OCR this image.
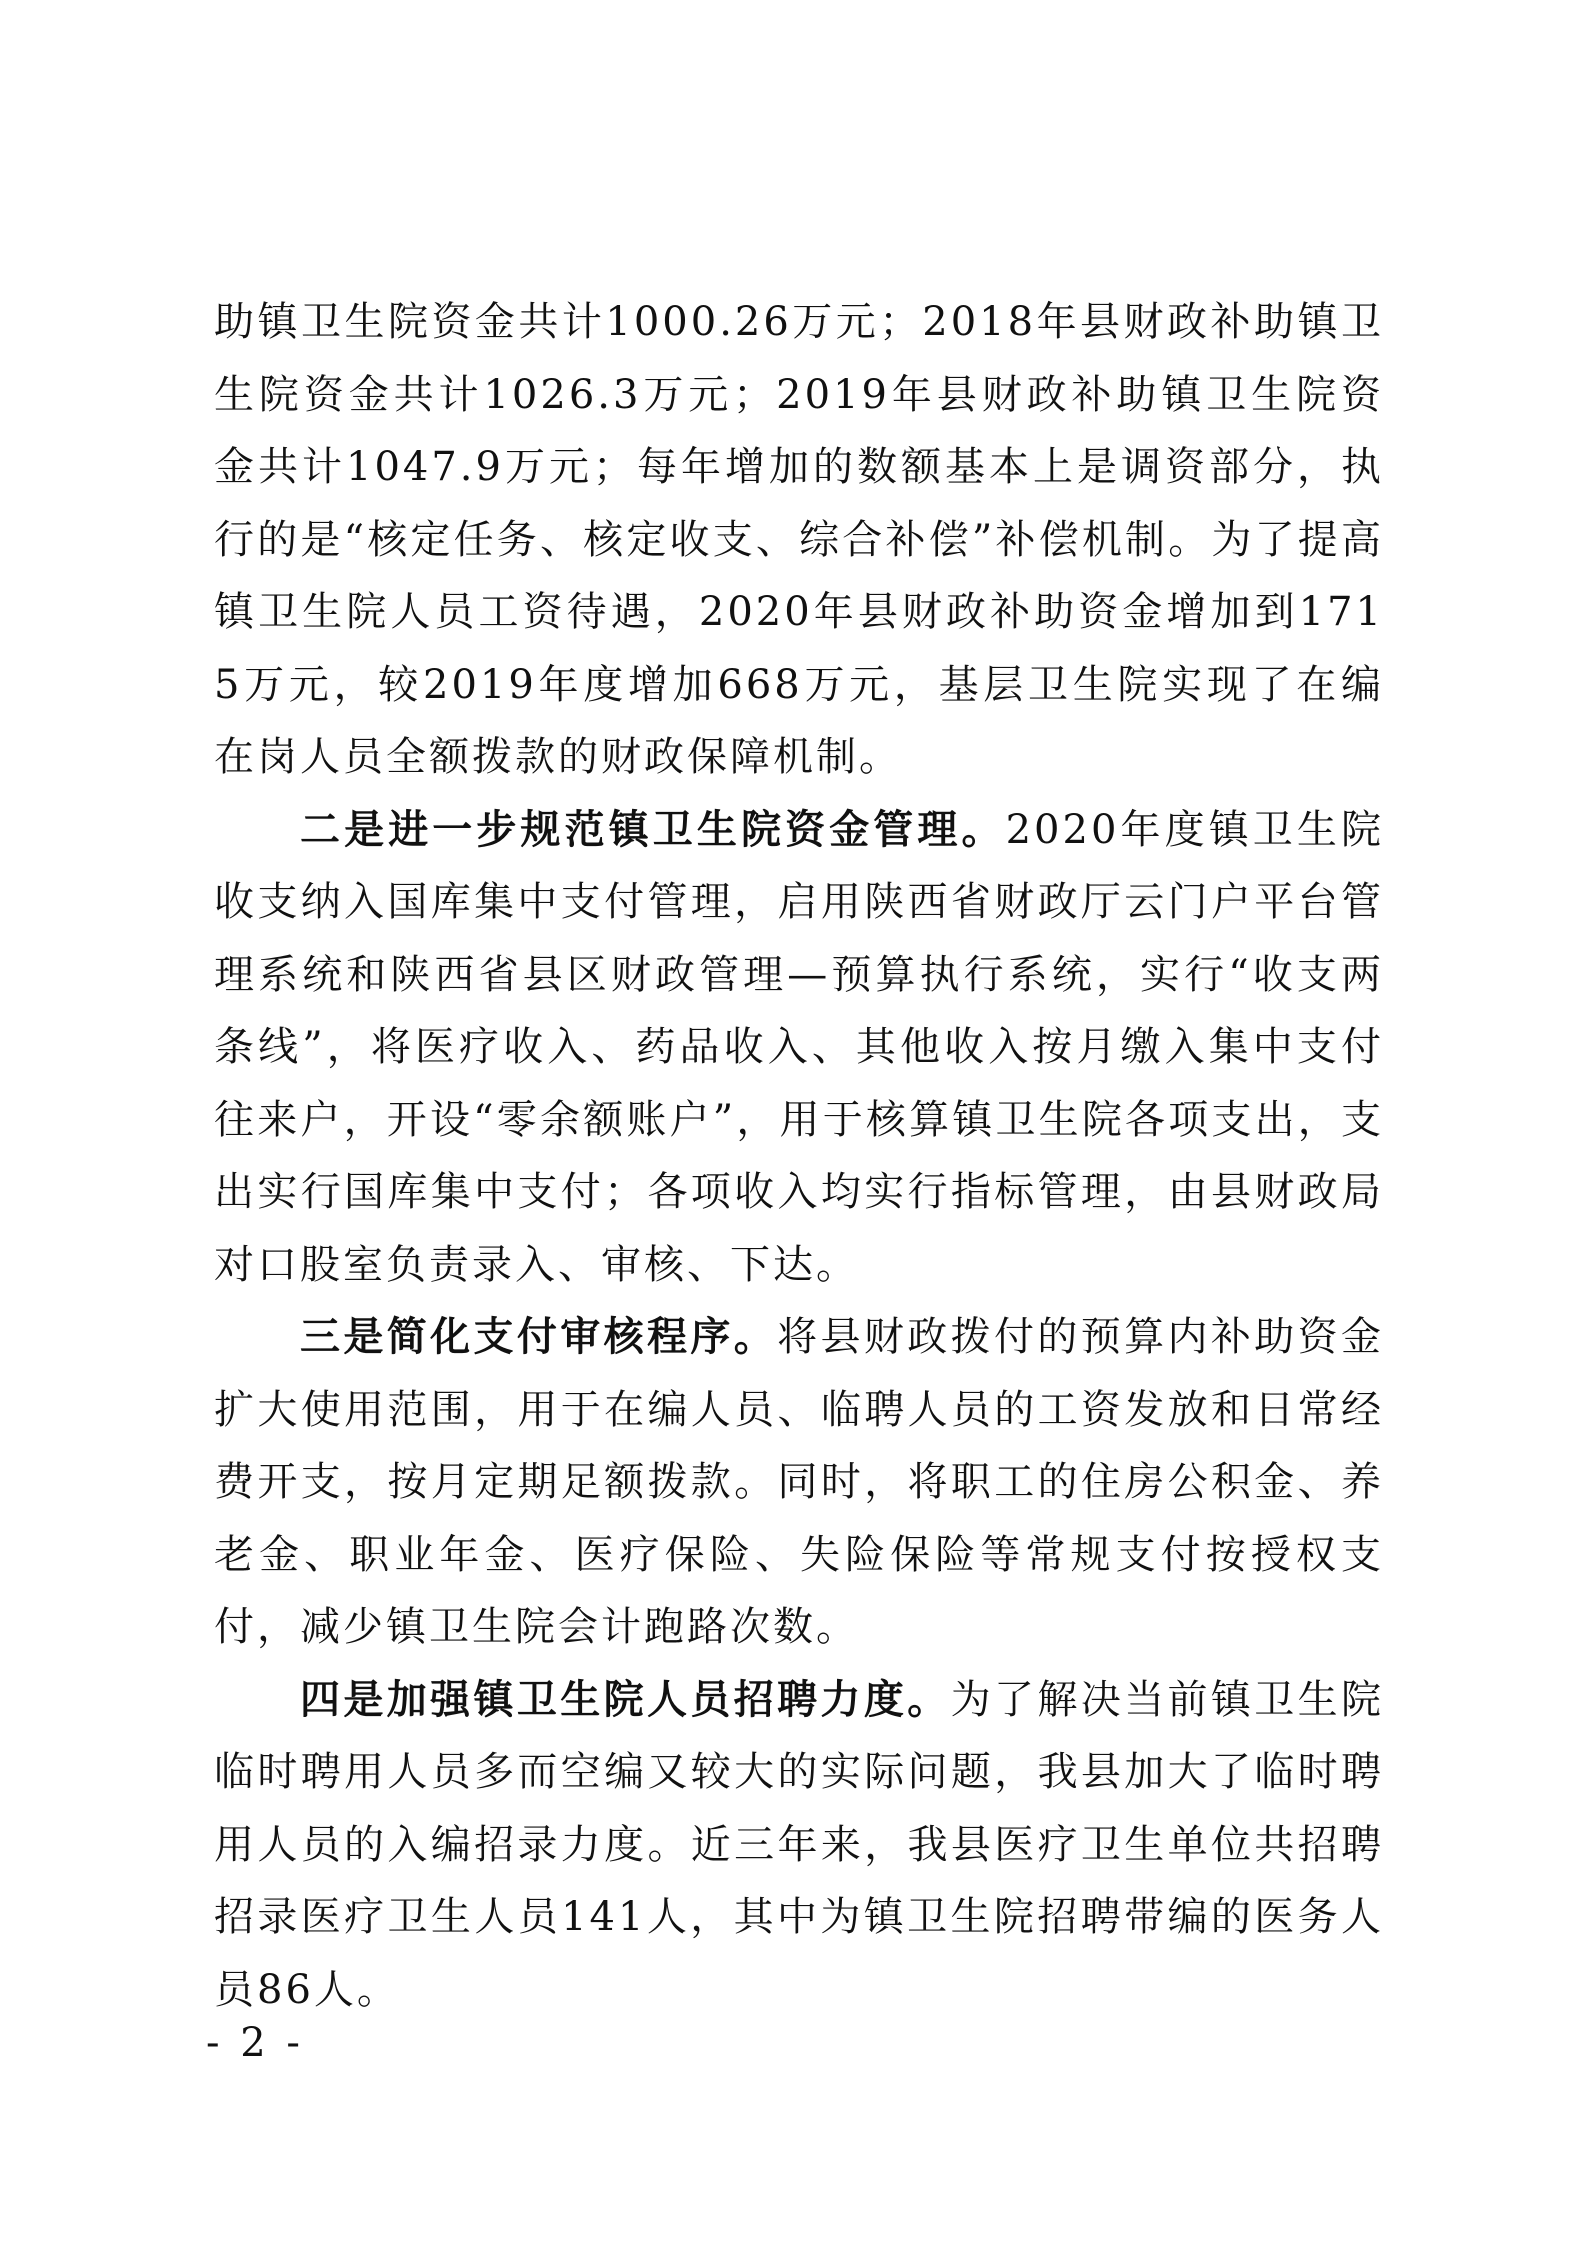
助镇卫生院资金共计1000.26万元；2018年县财政补助镇卫生院资金共计1026.3万元；2019年县财政补助镇卫生院资金共计1047.9万元；每年增加的数额基本上是调资部分，执行的是“核定任务、核定收支、综合补偿”补偿机制。为了提高镇卫生院人员工资待遇，2020年县财政补助资金增加到1715万元，较2019年度增加668万元，基层卫生院实现了在编在岗人员全额拨款的财政保障机制。

二是进一步规范镇卫生院资金管理。2020年度镇卫生院收支纳入国库集中支付管理，启用陕西省财政厅云门户平台管理系统和陕西省县区财政管理—预算执行系统，实行“收支两条线”，将医疗收入、药品收入、其他收入按月缴入集中支付往来户，开设“零余额账户”，用于核算镇卫生院各项支出，支出实行国库集中支付；各项收入均实行指标管理，由县财政局对口股室负责录入、审核、下达。

三是简化支付审核程序。将县财政拨付的预算内补助资金扩大使用范围，用于在编人员、临聘人员的工资发放和日常经费开支，按月定期足额拨款。同时，将职工的住房公积金、养老金、职业年金、医疗保险、失险保险等常规支付按授权支付，减少镇卫生院会计跑路次数。

四是加强镇卫生院人员招聘力度。为了解决当前镇卫生院临时聘用人员多而空编又较大的实际问题，我县加大了临时聘用人员的入编招录力度。近三年来，我县医疗卫生单位共招聘招录医疗卫生人员141人，其中为镇卫生院招聘带编的医务人员86人。

- 2 -
